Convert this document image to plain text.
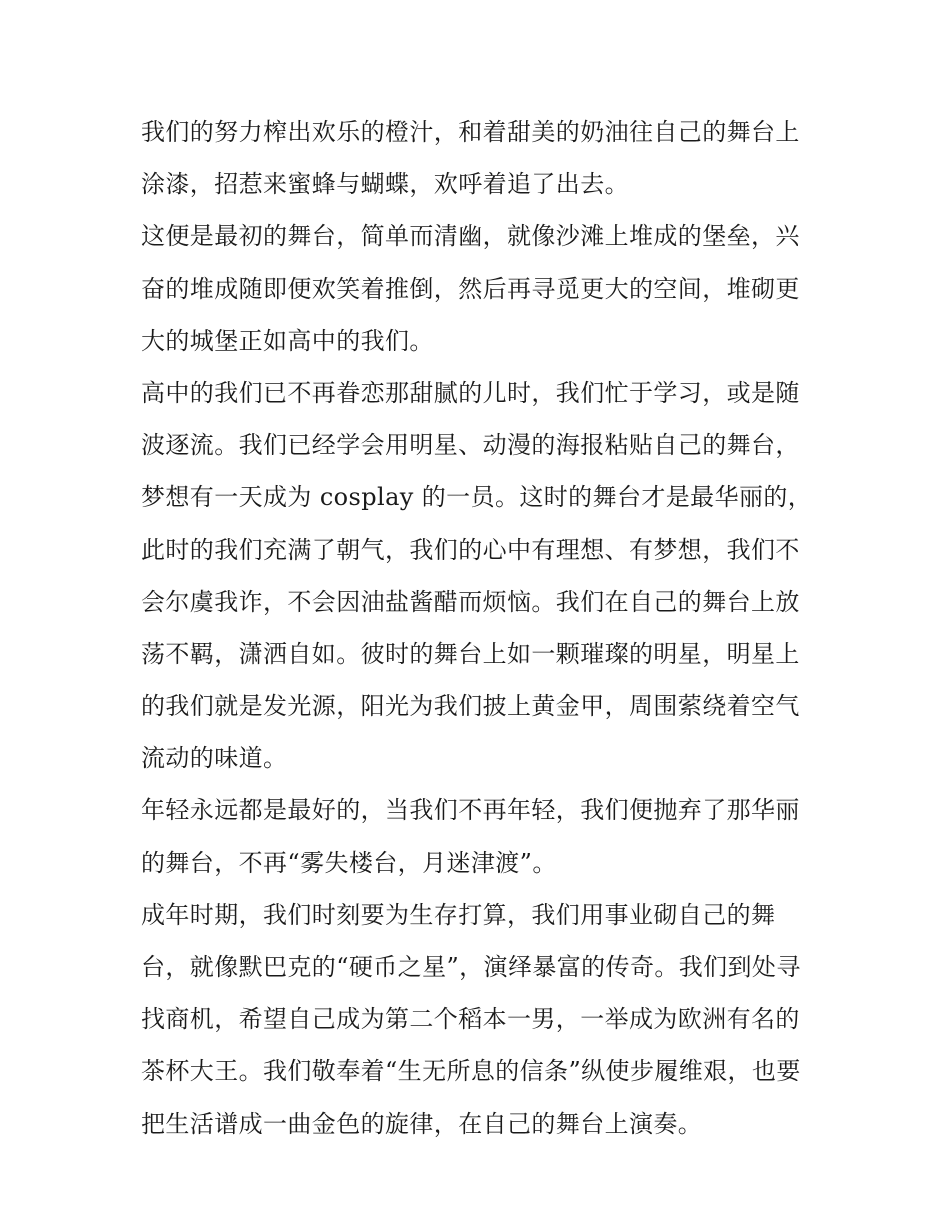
我们的努力榨出欢乐的橙汁，和着甜美的奶油往自己的舞台上
涂漆，招惹来蜜蜂与蝴蝶，欢呼着追了出去。
这便是最初的舞台，简单而清幽，就像沙滩上堆成的堡垒，兴
奋的堆成随即便欢笑着推倒，然后再寻觅更大的空间，堆砌更
大的城堡正如高中的我们。
高中的我们已不再眷恋那甜腻的儿时，我们忙于学习，或是随
波逐流。我们已经学会用明星、动漫的海报粘贴自己的舞台，
梦想有一天成为 cosplay 的一员。这时的舞台才是最华丽的，
此时的我们充满了朝气，我们的心中有理想、有梦想，我们不
会尔虞我诈，不会因油盐酱醋而烦恼。我们在自己的舞台上放
荡不羁，潇洒自如。彼时的舞台上如一颗璀璨的明星，明星上
的我们就是发光源，阳光为我们披上黄金甲，周围萦绕着空气
流动的味道。
年轻永远都是最好的，当我们不再年轻，我们便抛弃了那华丽
的舞台，不再“雾失楼台，月迷津渡”。
成年时期，我们时刻要为生存打算，我们用事业砌自己的舞
台，就像默巴克的“硬币之星”，演绎暴富的传奇。我们到处寻
找商机，希望自己成为第二个稻本一男，一举成为欧洲有名的
茶杯大王。我们敬奉着“生无所息的信条”纵使步履维艰，也要
把生活谱成一曲金色的旋律，在自己的舞台上演奏。
